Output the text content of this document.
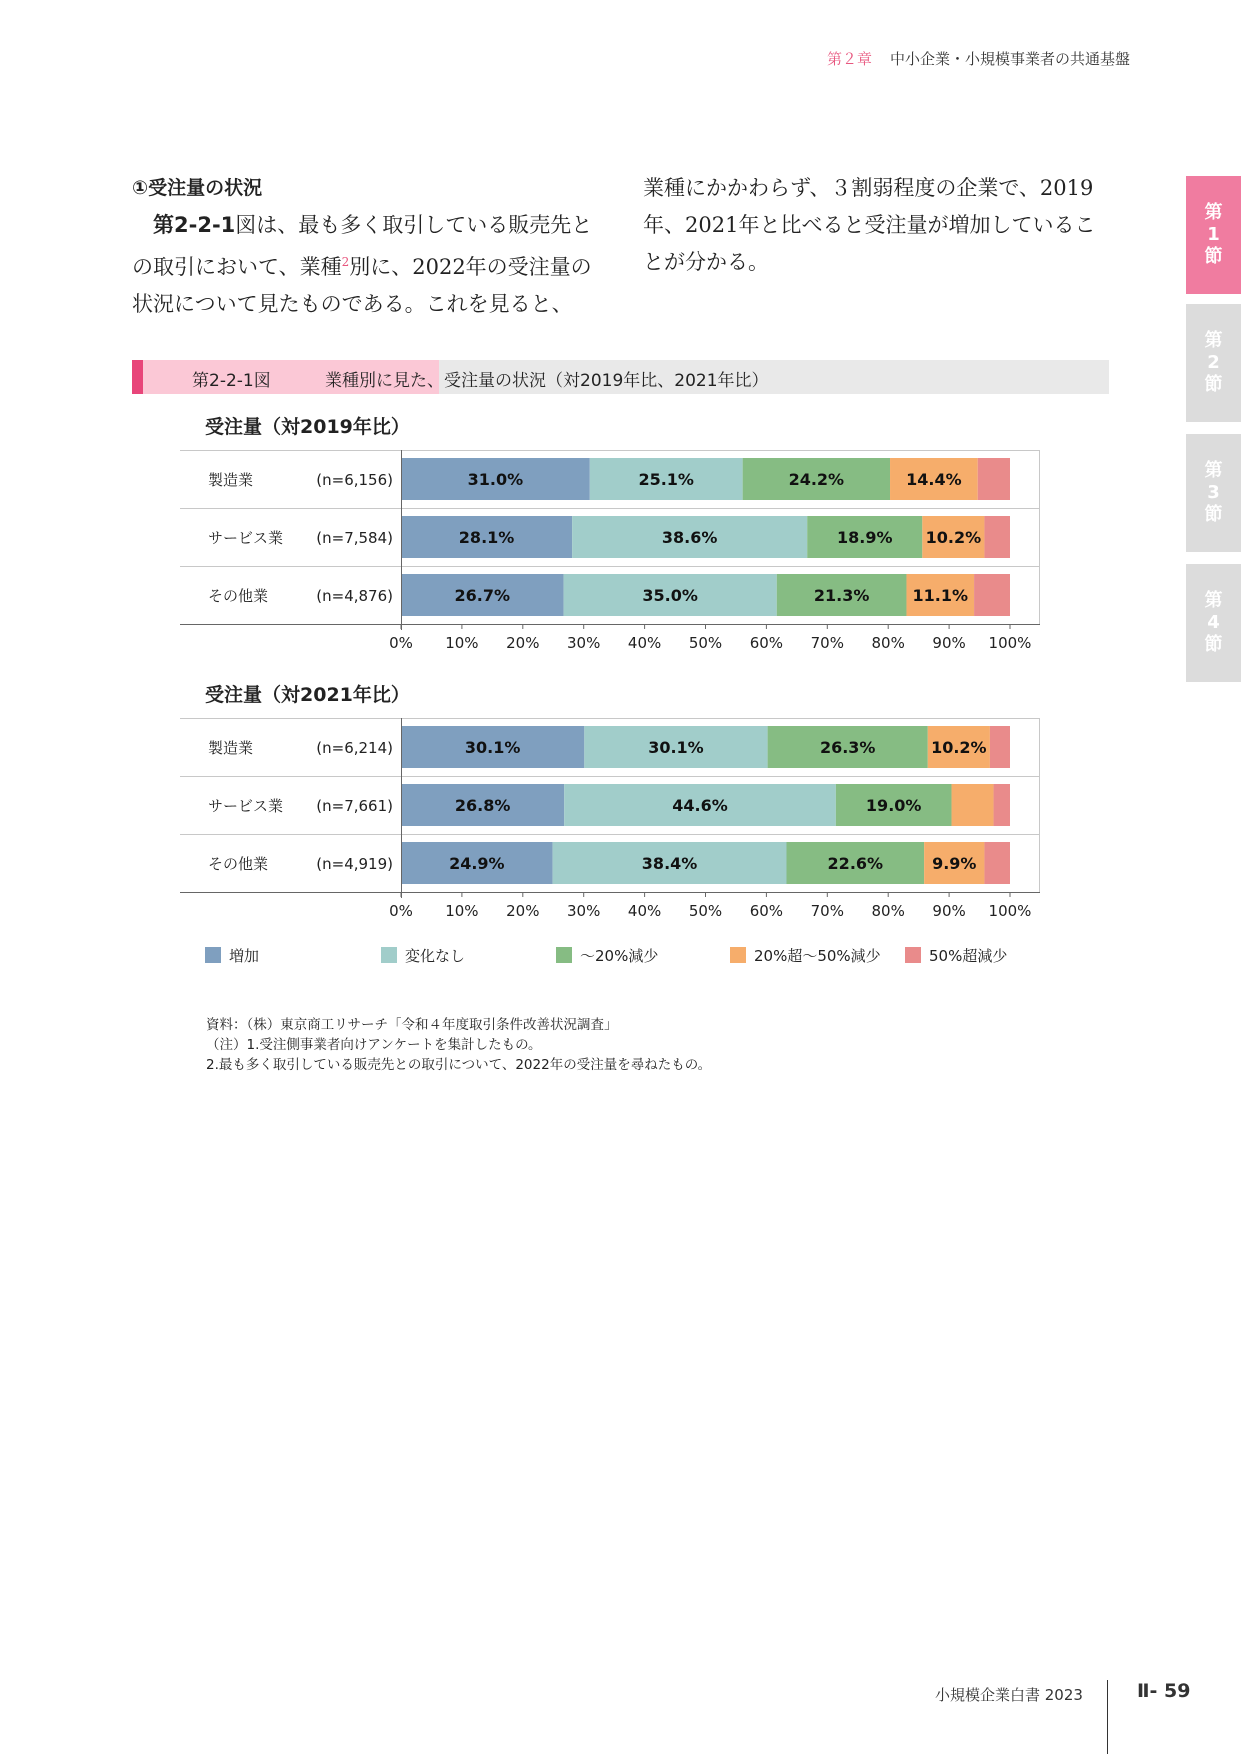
第２章 中小企業・小規模事業者の共通基盤
第
1
節
第
2
節
第
3
節
第
4
節
①受注量の状況

　第2-2-1図は、最も多く取引している販売先との取引において、業種$^2$別に、2022年の受注量の状況について見たものである。これを見ると、

業種にかかわらず、３割弱程度の企業で、2019年、2021年と比べると受注量が増加していることが分かる。

第2-2-1図	業種別に見た、受注量の状況（対2019年比、2021年比）
受注量（対2019年比）
製造業	(n=6,156)	31.0%	25.1%	24.2%	14.4%
サービス業 (n=7,584)	28.1%	38.6%	18.9% 10.2%
その他業	(n=4,876)	26.7%	35.0%	21.3%	11.1%
0% 10% 20% 30% 40% 50% 60% 70% 80% 90% 100%
受注量（対2021年比）
製造業	(n=6,214)	30.1%	30.1%	26.3%	10.2%
サービス業 (n=7,661)	26.8%	44.6%	19.0%
その他業	(n=4,919)	24.9%	38.4%	22.6%	9.9%
0% 10% 20% 30% 40% 50% 60% 70% 80% 90% 100%
増加	変化なし	～20%減少	20%超～50%減少	50%超減少
資料：（株）東京商工リサーチ「令和４年度取引条件改善状況調査」
（注）1.受注側事業者向けアンケートを集計したもの。
2.最も多く取引している販売先との取引について、2022年の受注量を尋ねたもの。
小規模企業白書 2023	Ⅱ- 59
